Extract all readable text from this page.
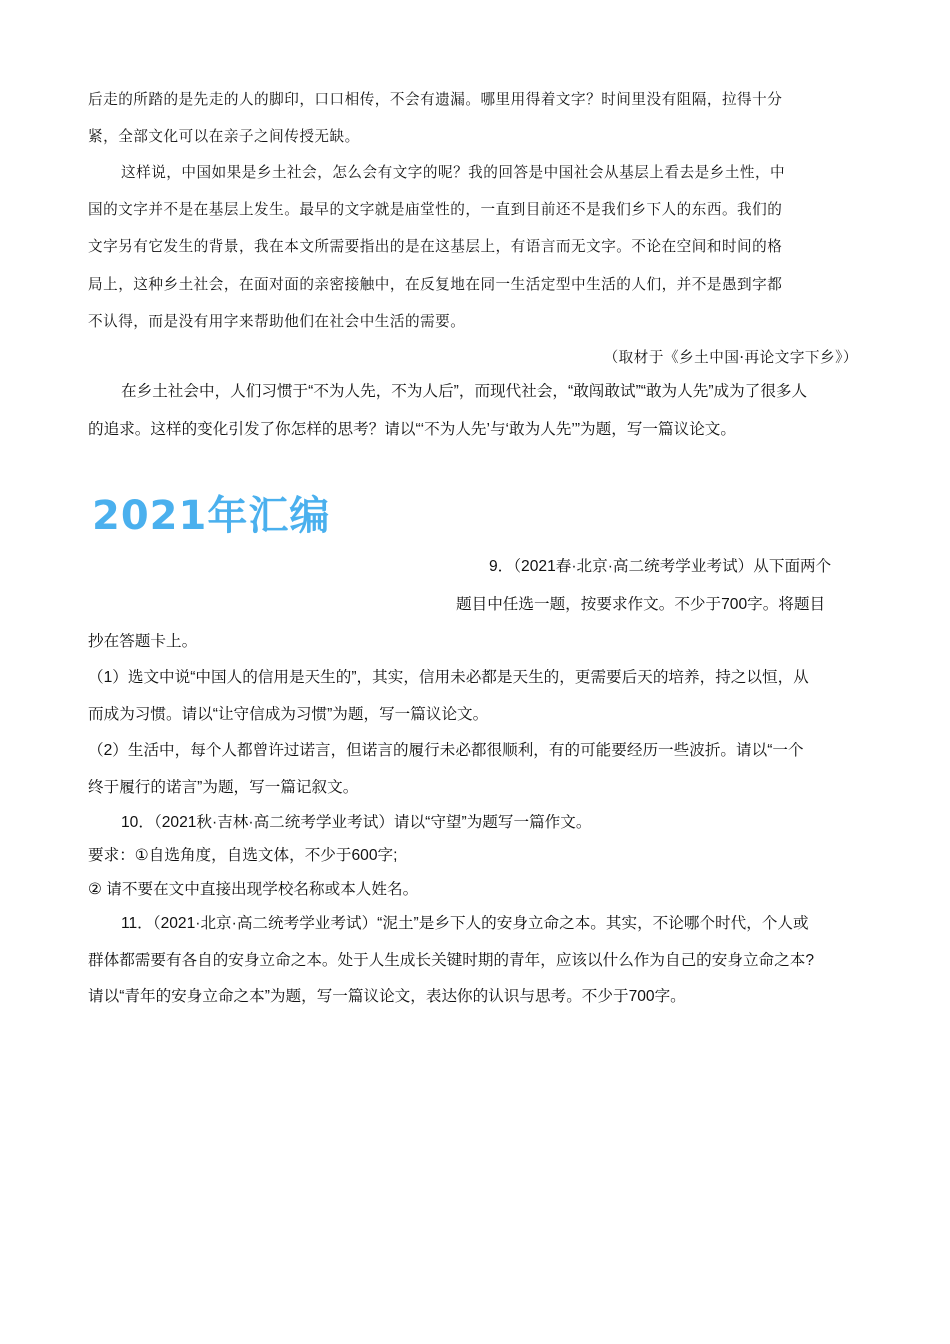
后走的所踏的是先走的人的脚印，口口相传，不会有遗漏。哪里用得着文字？时间里没有阻隔，拉得十分
紧，全部文化可以在亲子之间传授无缺。
这样说，中国如果是乡土社会，怎么会有文字的呢？我的回答是中国社会从基层上看去是乡土性，中
国的文字并不是在基层上发生。最早的文字就是庙堂性的，一直到目前还不是我们乡下人的东西。我们的
文字另有它发生的背景，我在本文所需要指出的是在这基层上，有语言而无文字。不论在空间和时间的格
局上，这种乡土社会，在面对面的亲密接触中，在反复地在同一生活定型中生活的人们，并不是愚到字都
不认得，而是没有用字来帮助他们在社会中生活的需要。
（取材于《乡土中国·再论文字下乡》）
在乡土社会中，人们习惯于“不为人先，不为人后”，而现代社会，“敢闯敢试”“敢为人先”成为了很多人
的追求。这样的变化引发了你怎样的思考？请以“‘不为人先’与‘敢为人先’”为题，写一篇议论文。
2021年汇编
9．（2021春·北京·高二统考学业考试）从下面两个
题目中任选一题，按要求作文。不少于700字。将题目
抄在答题卡上。
（1）选文中说“中国人的信用是天生的”，其实，信用未必都是天生的，更需要后天的培养，持之以恒，从
而成为习惯。请以“让守信成为习惯”为题，写一篇议论文。
（2）生活中，每个人都曾许过诺言，但诺言的履行未必都很顺利，有的可能要经历一些波折。请以“一个
终于履行的诺言”为题，写一篇记叙文。
10．（2021秋·吉林·高二统考学业考试）请以“守望”为题写一篇作文。
要求：①自选角度，自选文体，不少于600字;
② 请不要在文中直接出现学校名称或本人姓名。
11．（2021·北京·高二统考学业考试）“泥土”是乡下人的安身立命之本。其实，不论哪个时代，个人或
群体都需要有各自的安身立命之本。处于人生成长关键时期的青年，应该以什么作为自己的安身立命之本?
请以“青年的安身立命之本”为题，写一篇议论文，表达你的认识与思考。不少于700字。
